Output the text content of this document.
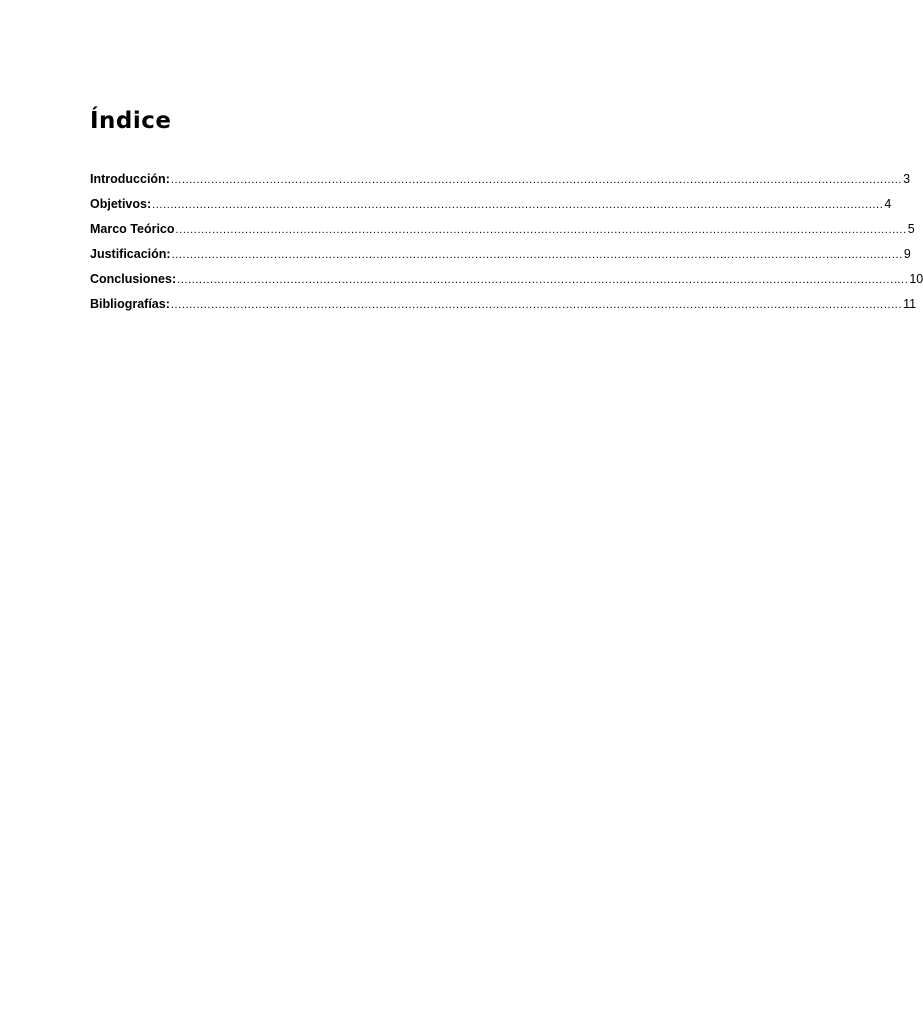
Índice
Introducción: ........................................................................................................................................................................................................ 3
Objetivos: ........................................................................................................................................................................................................ 4
Marco Teórico ........................................................................................................................................................................................................ 5
Justificación: ........................................................................................................................................................................................................ 9
Conclusiones: ........................................................................................................................................................................................................ 10
Bibliografías: ........................................................................................................................................................................................................ 11
